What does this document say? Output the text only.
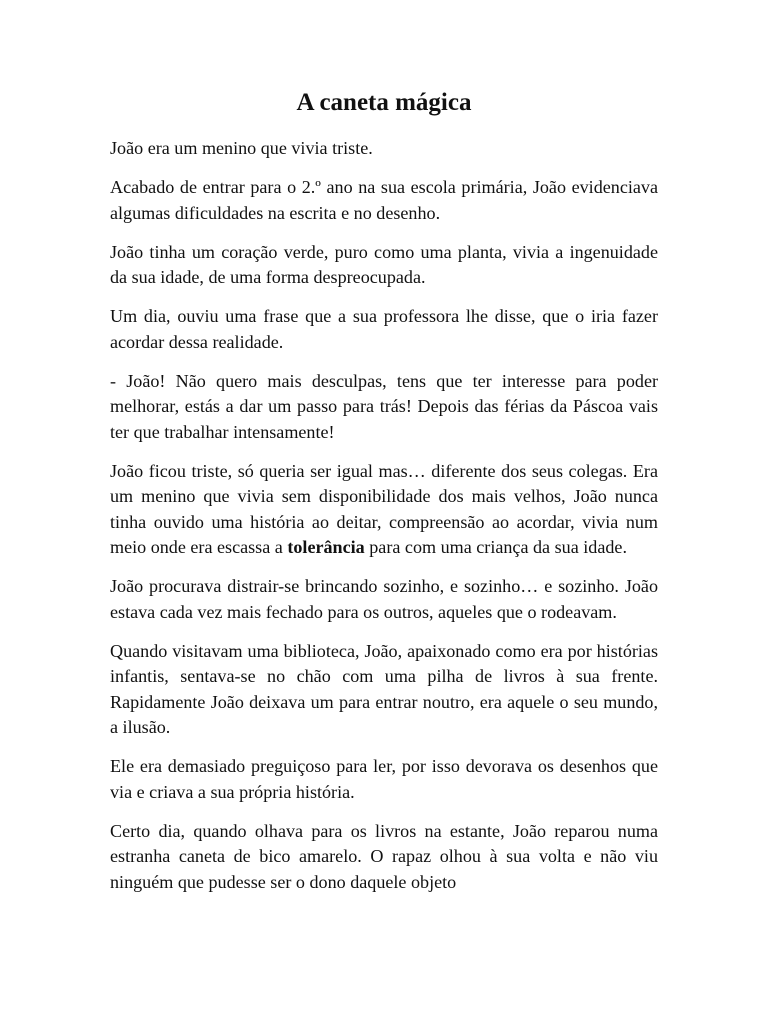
A caneta mágica

João era um menino que vivia triste.

Acabado de entrar para o 2.º ano na sua escola primária, João evidenciava algumas dificuldades na escrita e no desenho.

João tinha um coração verde, puro como uma planta, vivia a ingenuidade da sua idade, de uma forma despreocupada.

Um dia, ouviu uma frase que a sua professora lhe disse, que o iria fazer acordar dessa realidade.

- João! Não quero mais desculpas, tens que ter interesse para poder melhorar, estás a dar um passo para trás! Depois das férias da Páscoa vais ter que trabalhar intensamente!

João ficou triste, só queria ser igual mas… diferente dos seus colegas. Era um menino que vivia sem disponibilidade dos mais velhos, João nunca tinha ouvido uma história ao deitar, compreensão ao acordar, vivia num meio onde era escassa a tolerância para com uma criança da sua idade.

João procurava distrair-se brincando sozinho, e sozinho… e sozinho. João estava cada vez mais fechado para os outros, aqueles que o rodeavam.

Quando visitavam uma biblioteca, João, apaixonado como era por histórias infantis, sentava-se no chão com uma pilha de livros à sua frente. Rapidamente João deixava um para entrar noutro, era aquele o seu mundo, a ilusão.

Ele era demasiado preguiçoso para ler, por isso devorava os desenhos que via e criava a sua própria história.

Certo dia, quando olhava para os livros na estante, João reparou numa estranha caneta de bico amarelo. O rapaz olhou à sua volta e não viu ninguém que pudesse ser o dono daquele objeto
